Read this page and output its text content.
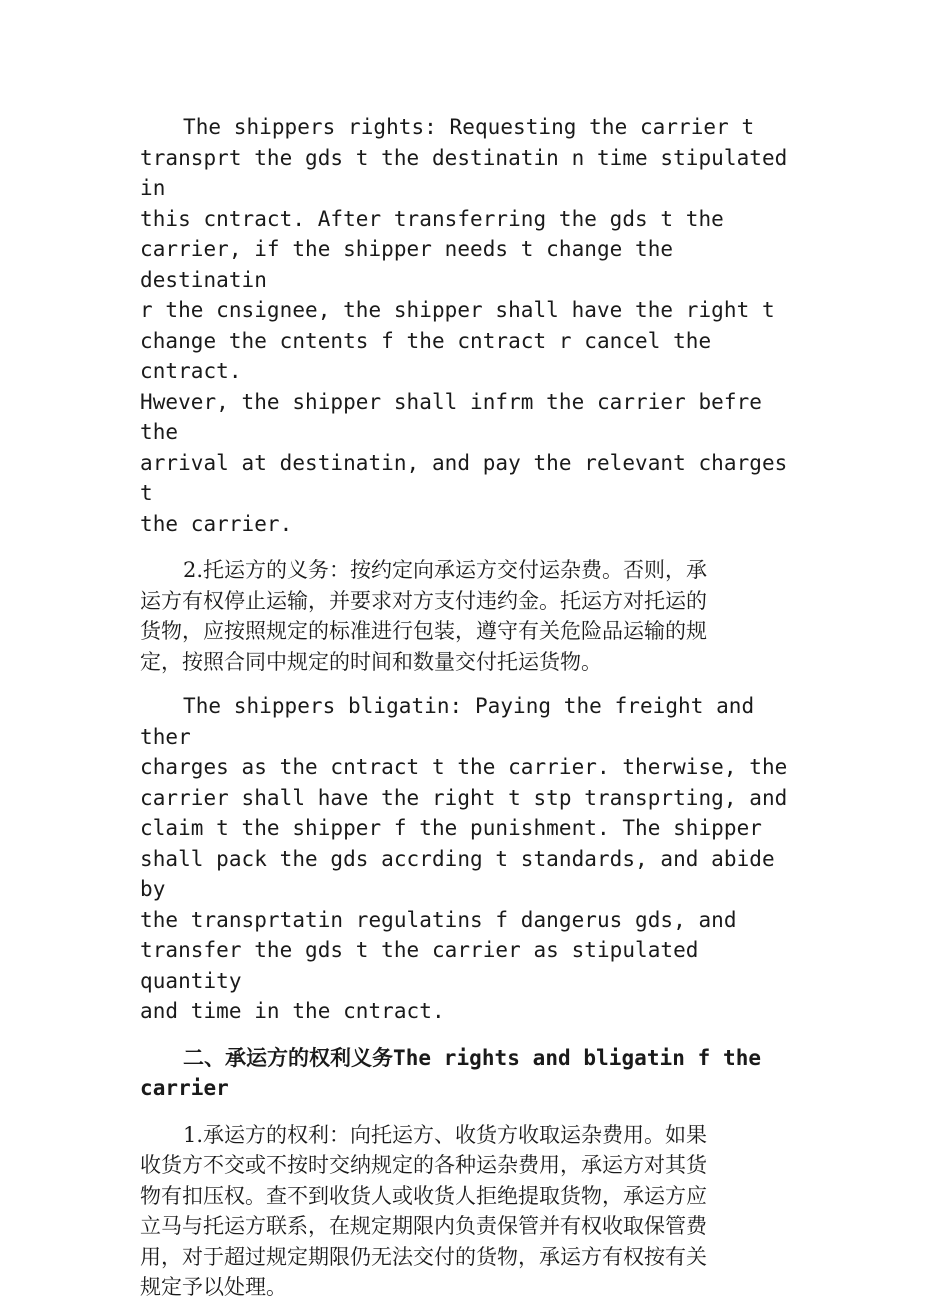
The shippers rights: Requesting the carrier t
transprt the gds t the destinatin n time stipulated in
this cntract. After transferring the gds t the
carrier, if the shipper needs t change the destinatin
r the cnsignee, the shipper shall have the right t
change the cntents f the cntract r cancel the cntract.
Hwever, the shipper shall infrm the carrier befre the
arrival at destinatin, and pay the relevant charges t
the carrier.

2.托运方的义务：按约定向承运方交付运杂费。否则，承
运方有权停止运输，并要求对方支付违约金。托运方对托运的
货物，应按照规定的标准进行包装，遵守有关危险品运输的规
定，按照合同中规定的时间和数量交付托运货物。

The shippers bligatin: Paying the freight and ther
charges as the cntract t the carrier. therwise, the
carrier shall have the right t stp transprting, and
claim t the shipper f the punishment. The shipper
shall pack the gds accrding t standards, and abide by
the transprtatin regulatins f dangerus gds, and
transfer the gds t the carrier as stipulated quantity
and time in the cntract.

二、承运方的权利义务The rights and bligatin f the
carrier

1.承运方的权利：向托运方、收货方收取运杂费用。如果
收货方不交或不按时交纳规定的各种运杂费用，承运方对其货
物有扣压权。查不到收货人或收货人拒绝提取货物，承运方应
立马与托运方联系，在规定期限内负责保管并有权收取保管费
用，对于超过规定期限仍无法交付的货物，承运方有权按有关
规定予以处理。
